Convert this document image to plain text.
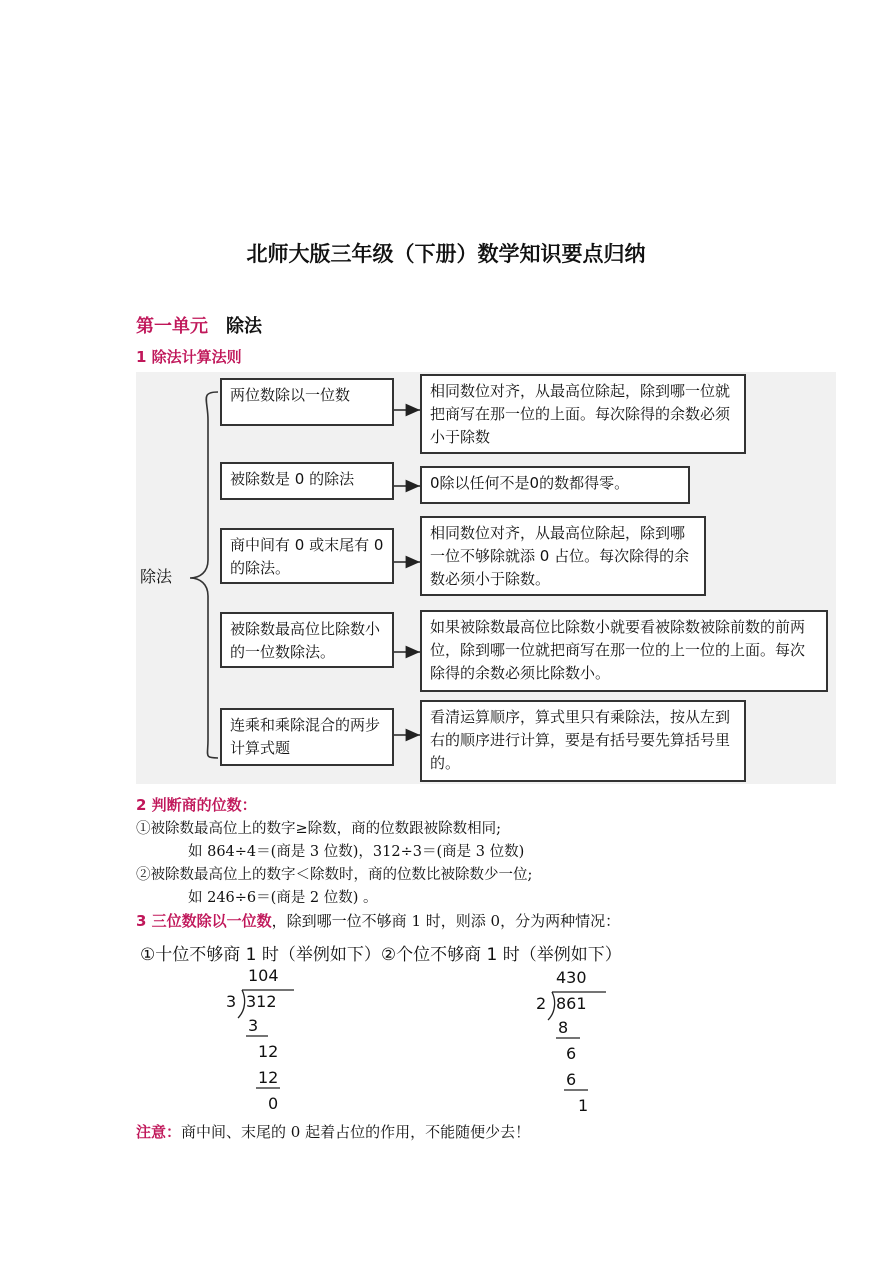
北师大版三年级（下册）数学知识要点归纳
第一单元 除法
1 除法计算法则
除法
两位数除以一位数	相同数位对齐，从最高位除起，除到哪一位就把商写在那一位的上面。每次除得的余数必须小于除数
被除数是 0 的除法	0除以任何不是0的数都得零。
商中间有 0 或末尾有 0 的除法。
相同数位对齐，从最高位除起，除到哪一位不够除就添 0 占位。每次除得的余数必须小于除数。
被除数最高位比除数小的一位数除法。
如果被除数最高位比除数小就要看被除数被除前数的前两位，除到哪一位就把商写在那一位的上一位的上面。每次除得的余数必须比除数小。
连乘和乘除混合的两步计算式题
看清运算顺序，算式里只有乘除法，按从左到右的顺序进行计算，要是有括号要先算括号里的。
2 判断商的位数：
①被除数最高位上的数字≥除数，商的位数跟被除数相同;
如 864÷4＝(商是 3 位数)，312÷3＝(商是 3 位数)
②被除数最高位上的数字＜除数时，商的位数比被除数少一位;
如 246÷6＝(商是 2 位数) 。
3 三位数除以一位数，除到哪一位不够商 1 时，则添 0，分为两种情况：
①十位不够商 1 时（举例如下）②个位不够商 1 时（举例如下）
104
3 312
3
12
12
0
430
2 861
8
6
6
1
注意：商中间、末尾的 0 起着占位的作用，不能随便少去！
